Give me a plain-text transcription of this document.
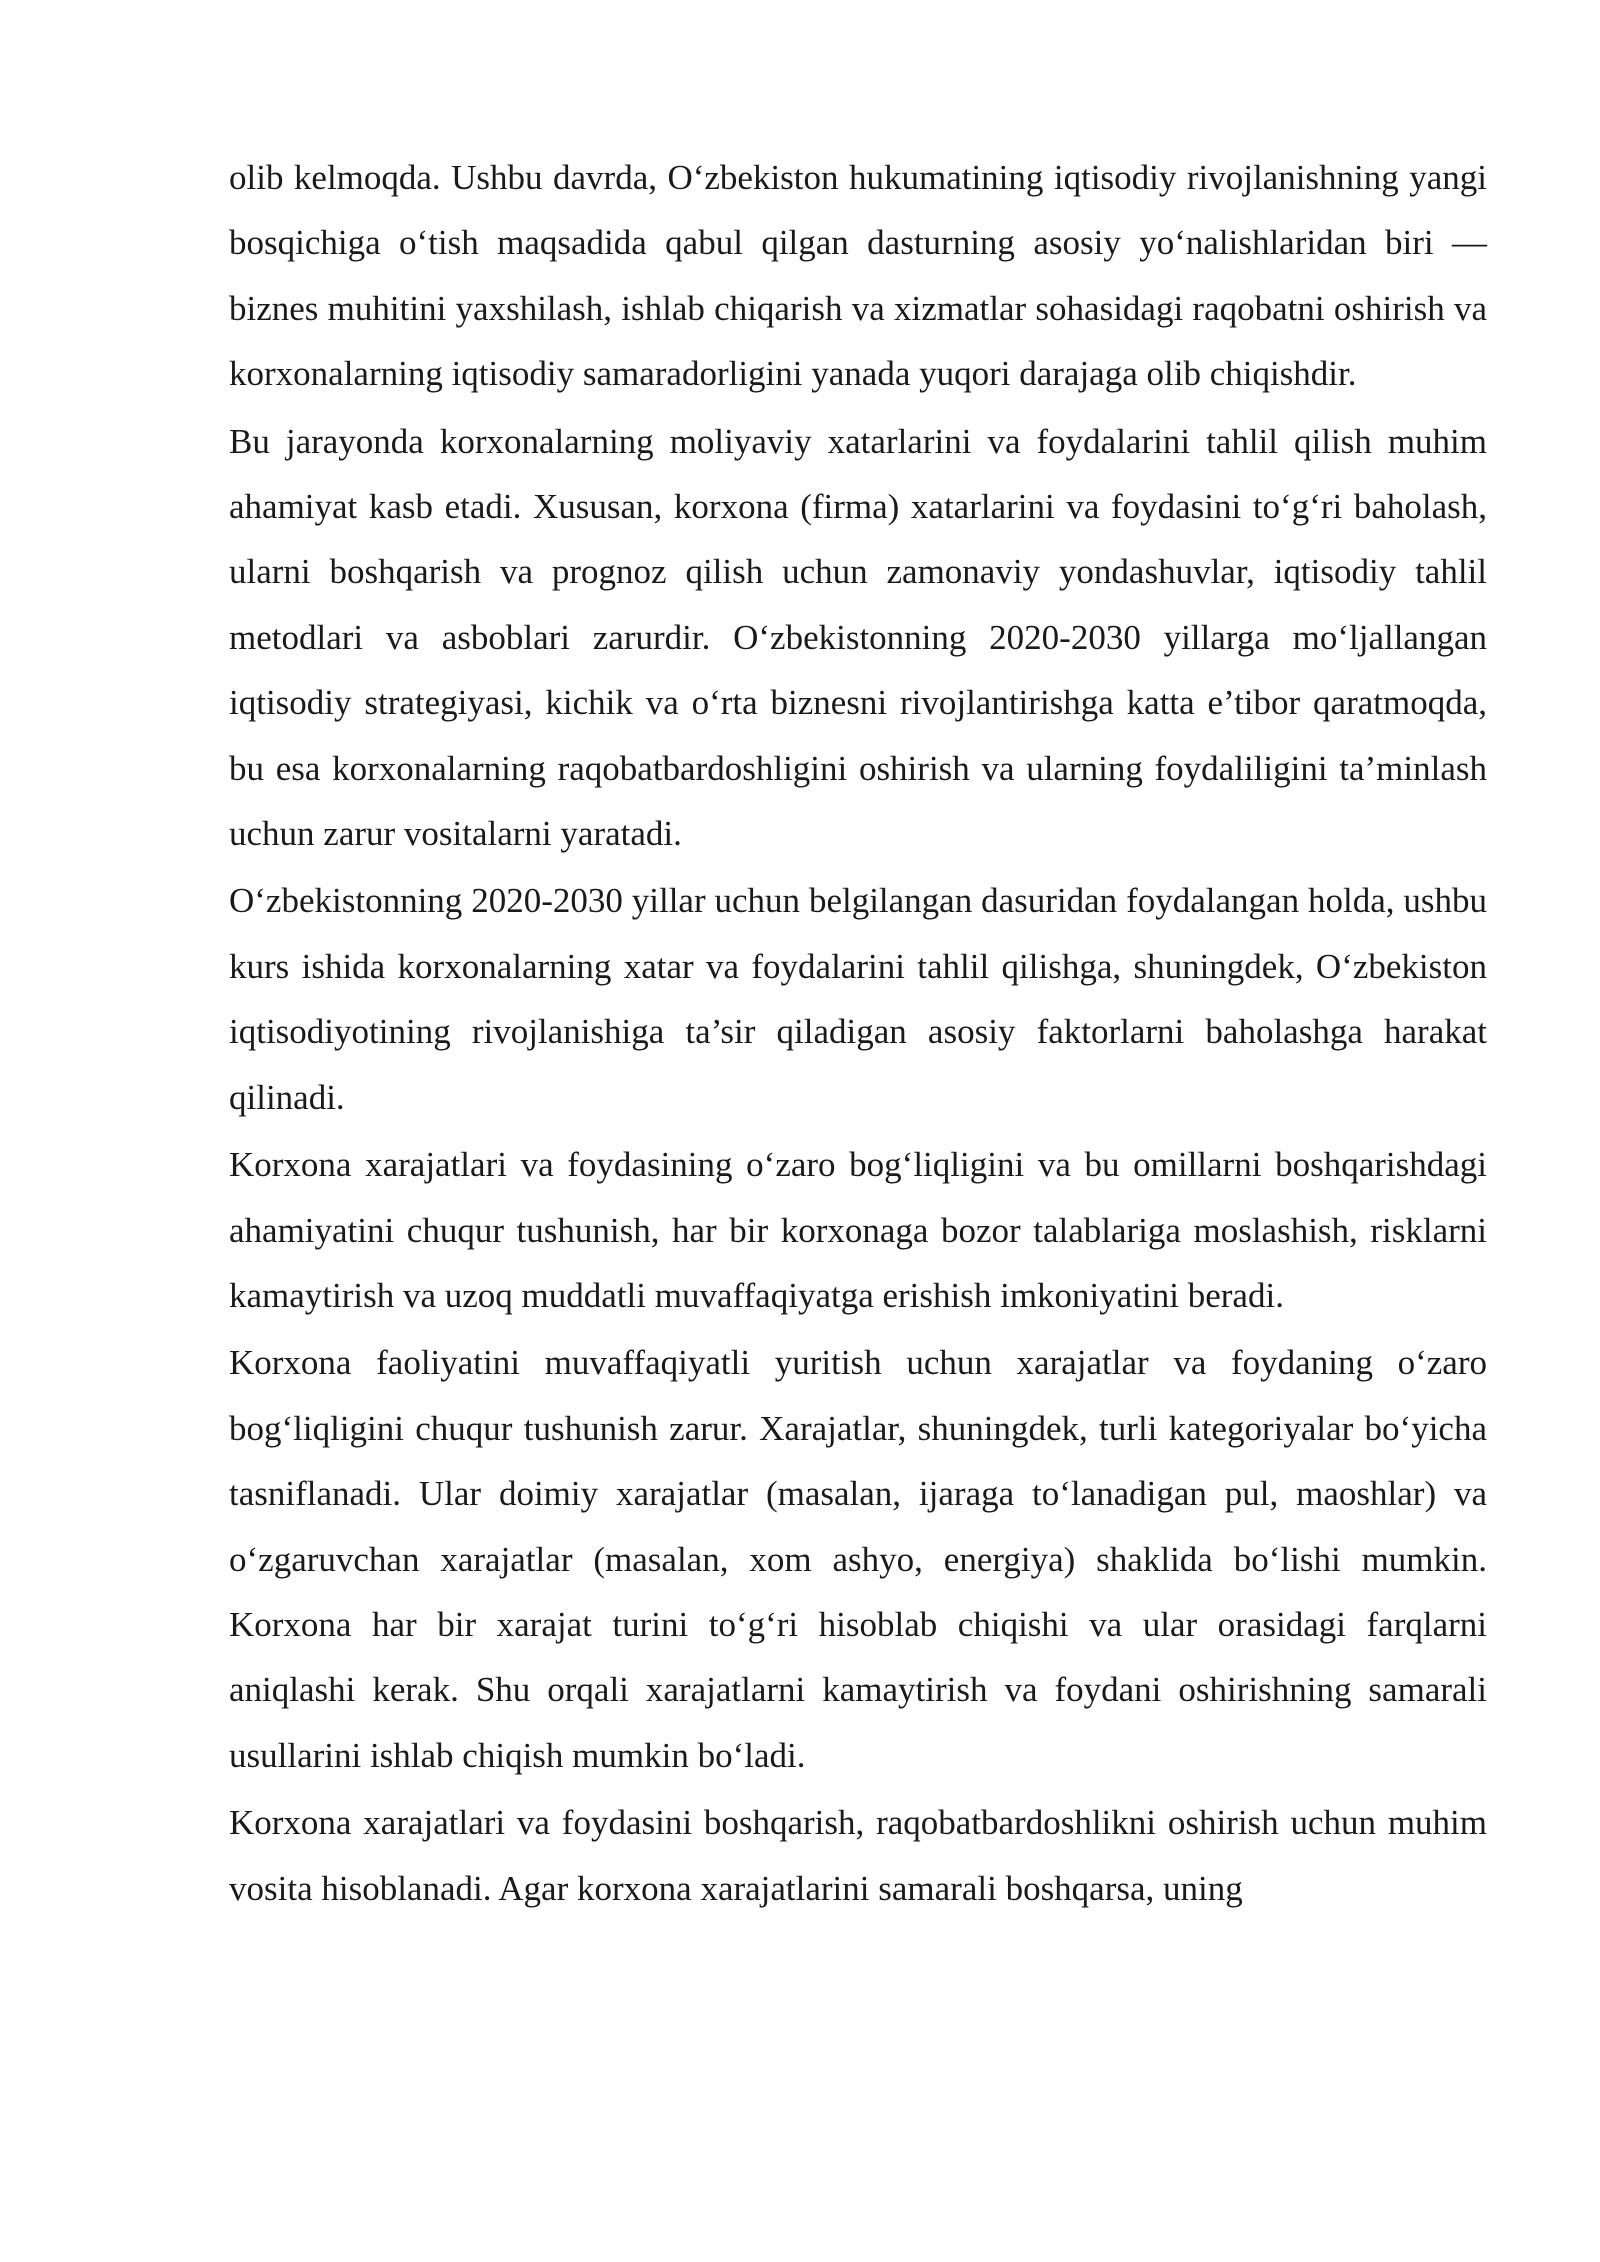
olib kelmoqda. Ushbu davrda, O‘zbekiston hukumatining iqtisodiy rivojlanishning yangi bosqichiga o‘tish maqsadida qabul qilgan dasturning asosiy yo‘nalishlaridan biri — biznes muhitini yaxshilash, ishlab chiqarish va xizmatlar sohasidagi raqobatni oshirish va korxonalarning iqtisodiy samaradorligini yanada yuqori darajaga olib chiqishdir.

Bu jarayonda korxonalarning moliyaviy xatarlarini va foydalarini tahlil qilish muhim ahamiyat kasb etadi. Xususan, korxona (firma) xatarlarini va foydasini to‘g‘ri baholash, ularni boshqarish va prognoz qilish uchun zamonaviy yondashuvlar, iqtisodiy tahlil metodlari va asboblari zarurdir. O‘zbekistonning 2020-2030 yillarga mo‘ljallangan iqtisodiy strategiyasi, kichik va o‘rta biznesni rivojlantirishga katta e’tibor qaratmoqda, bu esa korxonalarning raqobatbardoshligini oshirish va ularning foydaliligini ta’minlash uchun zarur vositalarni yaratadi.

O‘zbekistonning 2020-2030 yillar uchun belgilangan dasuridan foydalangan holda, ushbu kurs ishida korxonalarning xatar va foydalarini tahlil qilishga, shuningdek, O‘zbekiston iqtisodiyotining rivojlanishiga ta’sir qiladigan asosiy faktorlarni baholashga harakat qilinadi.

Korxona xarajatlari va foydasining o‘zaro bog‘liqligini va bu omillarni boshqarishdagi ahamiyatini chuqur tushunish, har bir korxonaga bozor talablariga moslashish, risklarni kamaytirish va uzoq muddatli muvaffaqiyatga erishish imkoniyatini beradi.

Korxona faoliyatini muvaffaqiyatli yuritish uchun xarajatlar va foydaning o‘zaro bog‘liqligini chuqur tushunish zarur. Xarajatlar, shuningdek, turli kategoriyalar bo‘yicha tasniflanadi. Ular doimiy xarajatlar (masalan, ijaraga to‘lanadigan pul, maoshlar) va o‘zgaruvchan xarajatlar (masalan, xom ashyo, energiya) shaklida bo‘lishi mumkin. Korxona har bir xarajat turini to‘g‘ri hisoblab chiqishi va ular orasidagi farqlarni aniqlashi kerak. Shu orqali xarajatlarni kamaytirish va foydani oshirishning samarali usullarini ishlab chiqish mumkin bo‘ladi.

Korxona xarajatlari va foydasini boshqarish, raqobatbardoshlikni oshirish uchun muhim vosita hisoblanadi. Agar korxona xarajatlarini samarali boshqarsa, uning
